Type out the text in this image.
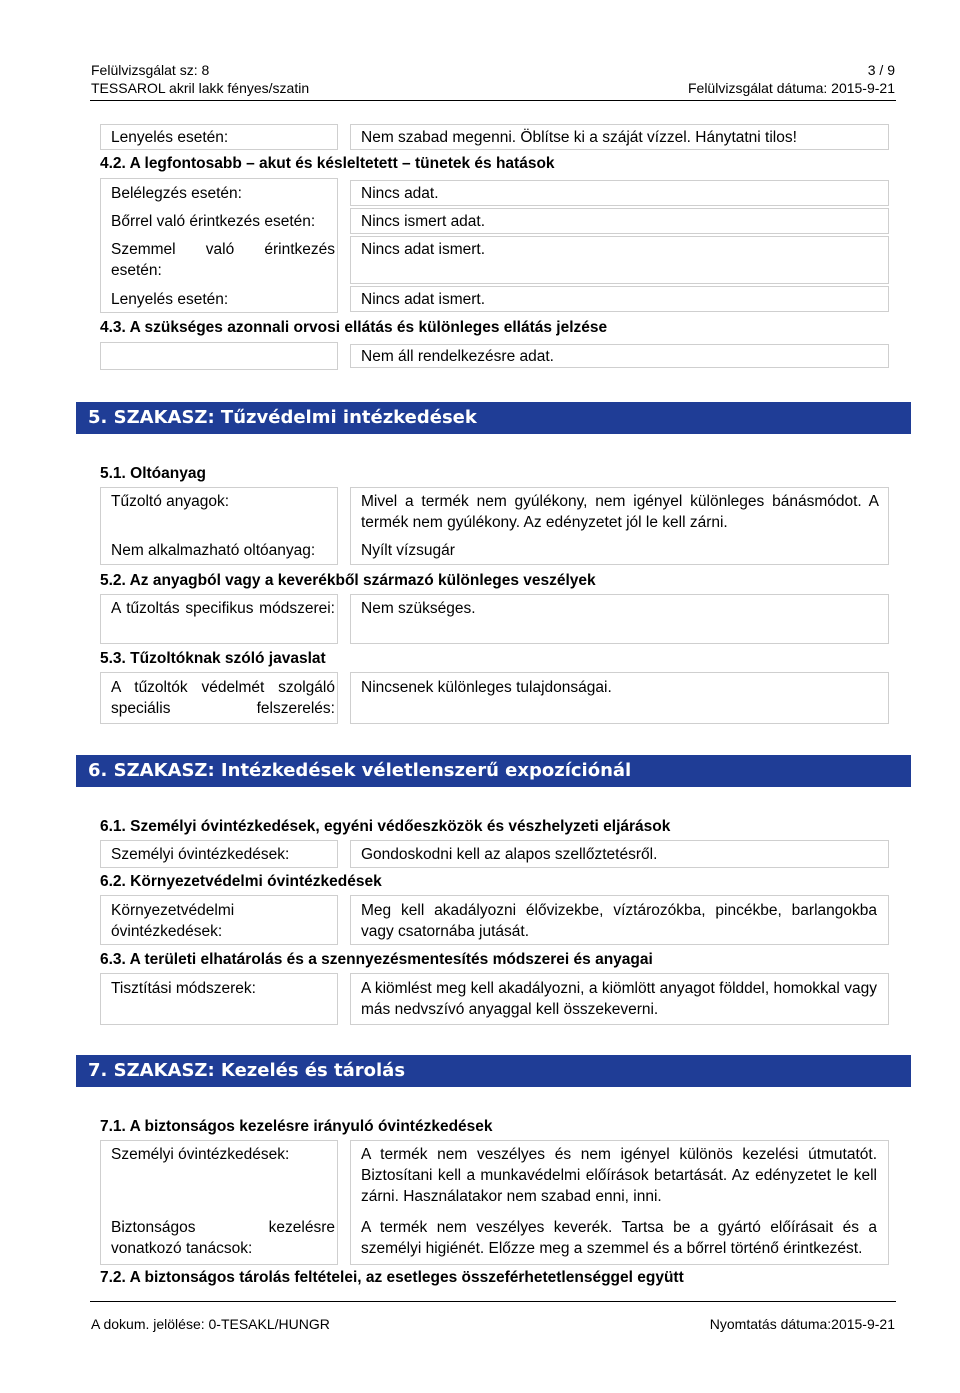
Felülvizsgálat sz: 8
TESSAROL akril lakk fényes/szatin
3 / 9
Felülvizsgálat dátuma: 2015-9-21
Lenyelés esetén:	Nem szabad megenni. Öblítse ki a száját vízzel. Hánytatni tilos!
4.2. A legfontosabb – akut és késleltetett – tünetek és hatások
Belélegzés esetén:	Nincs adat.
Bőrrel való érintkezés esetén:	Nincs ismert adat.
Szemmel való érintkezés esetén:
Nincs adat ismert.
Lenyelés esetén:	Nincs adat ismert.
4.3. A szükséges azonnali orvosi ellátás és különleges ellátás jelzése
Nem áll rendelkezésre adat.
5. SZAKASZ: Tűzvédelmi intézkedések
5.1. Oltóanyag
Tűzoltó anyagok:	Mivel a termék nem gyúlékony, nem igényel különleges bánásmódot. A termék nem gyúlékony. Az edényzetet jól le kell zárni.
Nem alkalmazható oltóanyag:	Nyílt vízsugár
5.2. Az anyagból vagy a keverékből származó különleges veszélyek
A tűzoltás specifikus módszerei: Nem szükséges.
5.3. Tűzoltóknak szóló javaslat
A tűzoltók védelmét szolgáló speciális felszerelés:
Nincsenek különleges tulajdonságai.
6. SZAKASZ: Intézkedések véletlenszerű expozíciónál
6.1. Személyi óvintézkedések, egyéni védőeszközök és vészhelyzeti eljárások
Személyi óvintézkedések:	Gondoskodni kell az alapos szellőztetésről.
6.2. Környezetvédelmi óvintézkedések
Környezetvédelmi óvintézkedések:
Meg kell akadályozni élővizekbe, víztározókba, pincékbe, barlangokba vagy csatornába jutását.
6.3. A területi elhatárolás és a szennyezésmentesítés módszerei és anyagai
Tisztítási módszerek:	A kiömlést meg kell akadályozni, a kiömlött anyagot földdel, homokkal vagy más nedvszívó anyaggal kell összekeverni.
7. SZAKASZ: Kezelés és tárolás
7.1. A biztonságos kezelésre irányuló óvintézkedések
Személyi óvintézkedések:	A termék nem veszélyes és nem igényel különös kezelési útmutatót. Biztosítani kell a munkavédelmi előírások betartását. Az edényzetet le kell zárni. Használatakor nem szabad enni, inni.
Biztonságos kezelésre vonatkozó tanácsok:
A termék nem veszélyes keverék. Tartsa be a gyártó előírásait és a személyi higiénét. Előzze meg a szemmel és a bőrrel történő érintkezést.
7.2. A biztonságos tárolás feltételei, az esetleges összeférhetetlenséggel együtt
A dokum. jelölése: 0-TESAKL/HUNGR	Nyomtatás dátuma:2015-9-21
